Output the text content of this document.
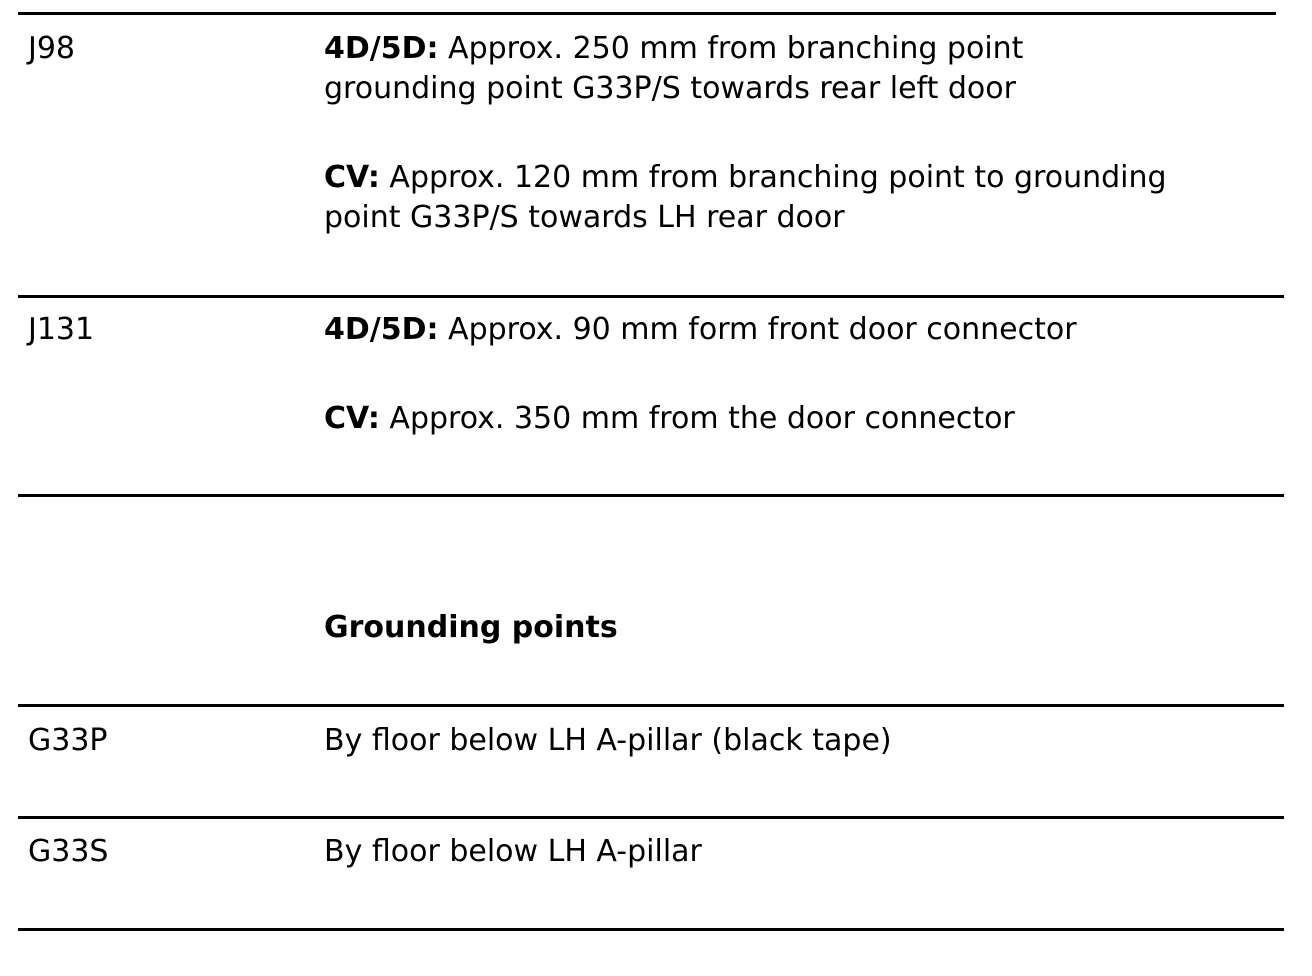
J98	4D/5D: Approx. 250 mm from branching point
grounding point G33P/S towards rear left door
CV: Approx. 120 mm from branching point to grounding
point G33P/S towards LH rear door
J131	4D/5D: Approx. 90 mm form front door connector
CV: Approx. 350 mm from the door connector
Grounding points
G33P	By floor below LH A-pillar (black tape)
G33S	By floor below LH A-pillar
